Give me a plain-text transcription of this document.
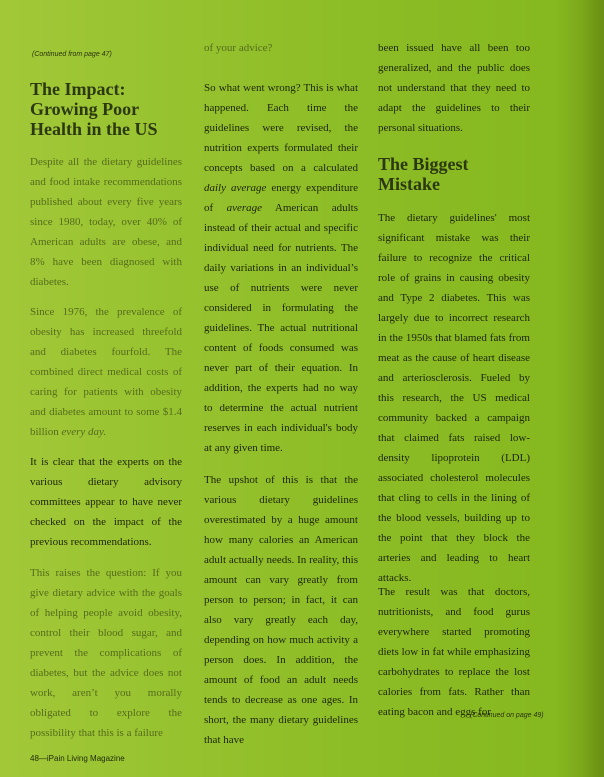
(Continued from page 47)
The Impact: Growing Poor Health in the US

Despite all the dietary guidelines and food intake recommendations published about every five years since 1980, today, over 40% of American adults are obese, and 8% have been diagnosed with diabetes.

Since 1976, the prevalence of obesity has increased threefold and diabetes fourfold. The combined direct medical costs of caring for patients with obesity and diabetes amount to some $1.4 billion every day.

It is clear that the experts on the various dietary advisory committees appear to have never checked on the impact of the previous recommendations.

This raises the question: If you give dietary advice with the goals of helping people avoid obesity, control their blood sugar, and prevent the complications of diabetes, but the advice does not work, aren’t you morally obligated to explore the possibility that this is a failure

of your advice?

So what went wrong? This is what happened. Each time the guidelines were revised, the nutrition experts formulated their concepts based on a calculated daily average energy expenditure of average American adults instead of their actual and specific individual need for nutrients. The daily variations in an individual’s use of nutrients were never considered in formulating the guidelines. The actual nutritional content of foods consumed was never part of their equation. In addition, the experts had no way to determine the actual nutrient reserves in each individual's body at any given time.

The upshot of this is that the various dietary guidelines overestimated by a huge amount how many calories an American adult actually needs. In reality, this amount can vary greatly from person to person; in fact, it can also vary greatly each day, depending on how much activity a person does. In addition, the amount of food an adult needs tends to decrease as one ages. In short, the many dietary guidelines that have

been issued have all been too generalized, and the public does not understand that they need to adapt the guidelines to their personal situations.

The Biggest Mistake

The dietary guidelines' most significant mistake was their failure to recognize the critical role of grains in causing obesity and Type 2 diabetes. This was largely due to incorrect research in the 1950s that blamed fats from meat as the cause of heart disease and arteriosclerosis. Fueled by this research, the US medical community backed a campaign that claimed fats raised low-density lipoprotein (LDL) associated cholesterol molecules that cling to cells in the lining of the blood vessels, building up to the point that they block the arteries and leading to heart attacks.

The result was that doctors, nutritionists, and food gurus everywhere started promoting diets low in fat while emphasizing carbohydrates to replace the lost calories from fats. Rather than eating bacon and eggs for

(Continued on page 49)
48—iPain Living Magazine
